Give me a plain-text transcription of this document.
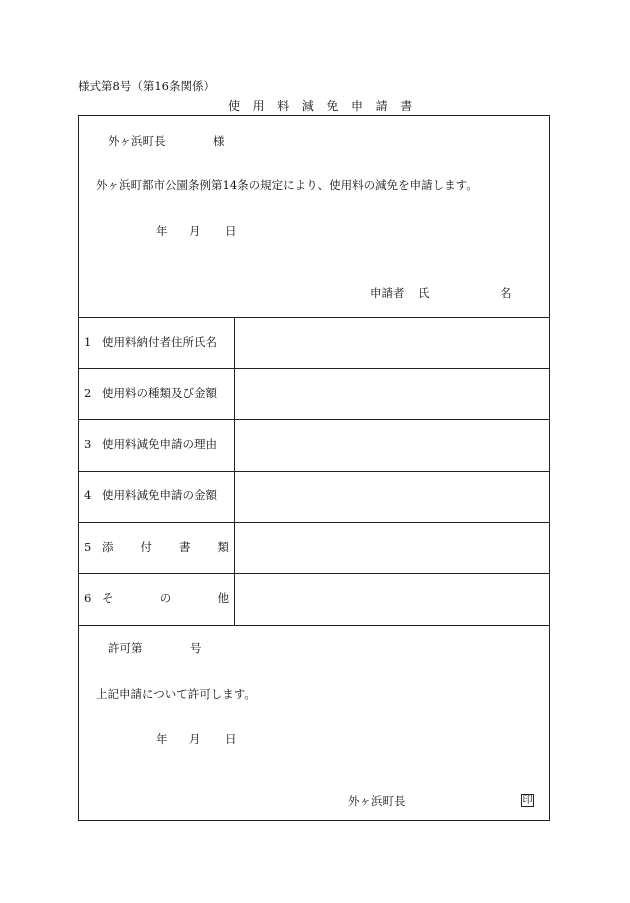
様式第8号（第16条関係）
使用料減免申請書
外ヶ浜町長	様
外ヶ浜町都市公園条例第14条の規定により、使用料の減免を申請します。
年 月 日
申請者 氏	名
1 使用料納付者住所氏名
2 使用料の種類及び金額
3 使用料減免申請の理由
4 使用料減免申請の金額
5 添 付 書 類
6 そ	の	他
許可第	号
上記申請について許可します。
年 月 日
外ヶ浜町長	印
